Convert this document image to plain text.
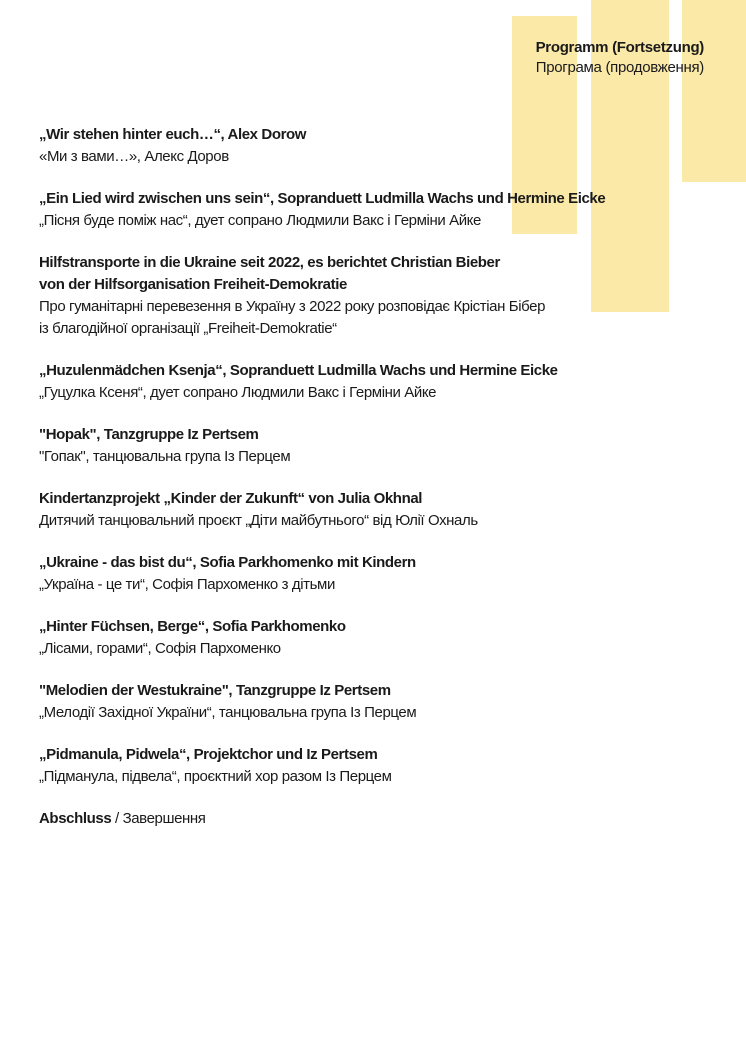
Programm (Fortsetzung)
Програма (продовження)
„Wir stehen hinter euch…“, Alex Dorow
«Ми з вами…», Алекс Доров
„Ein Lied wird zwischen uns sein“, Sopranduett Ludmilla Wachs und Hermine Eicke
„Пісня буде поміж нас“, дует сопрано Людмили Вакс і Герміни Айке
Hilfstransporte in die Ukraine seit 2022, es berichtet Christian Bieber
von der Hilfsorganisation Freiheit-Demokratie
Про гуманітарні перевезення в Україну з 2022 року розповідає Крістіан Бібер
із благодійної організації „Freiheit-Demokratie“
„Huzulenmädchen Ksenja“, Sopranduett Ludmilla Wachs und Hermine Eicke
„Гуцулка Ксеня“, дует сопрано Людмили Вакс і Герміни Айке
"Hopak", Tanzgruppe Iz Pertsem
"Гопак", танцювальна група Із Перцем
Kindertanzprojekt „Kinder der Zukunft“ von Julia Okhnal
Дитячий танцювальний проєкт „Діти майбутнього“ від Юлії Охналь
„Ukraine - das bist du“, Sofia Parkhomenko mit Kindern
„Україна - це ти“, Софія Пархоменко з дітьми
„Hinter Füchsen, Berge“, Sofia Parkhomenko
„Лісами, горами“, Софія Пархоменко
"Melodien der Westukraine", Tanzgruppe Iz Pertsem
„Мелодії Західної України“, танцювальна група Із Перцем
„Pidmanula, Pidwela“, Projektchor und Iz Pertsem
„Підманула, підвела“, проєктний хор разом Із Перцем
Abschluss / Завершення
